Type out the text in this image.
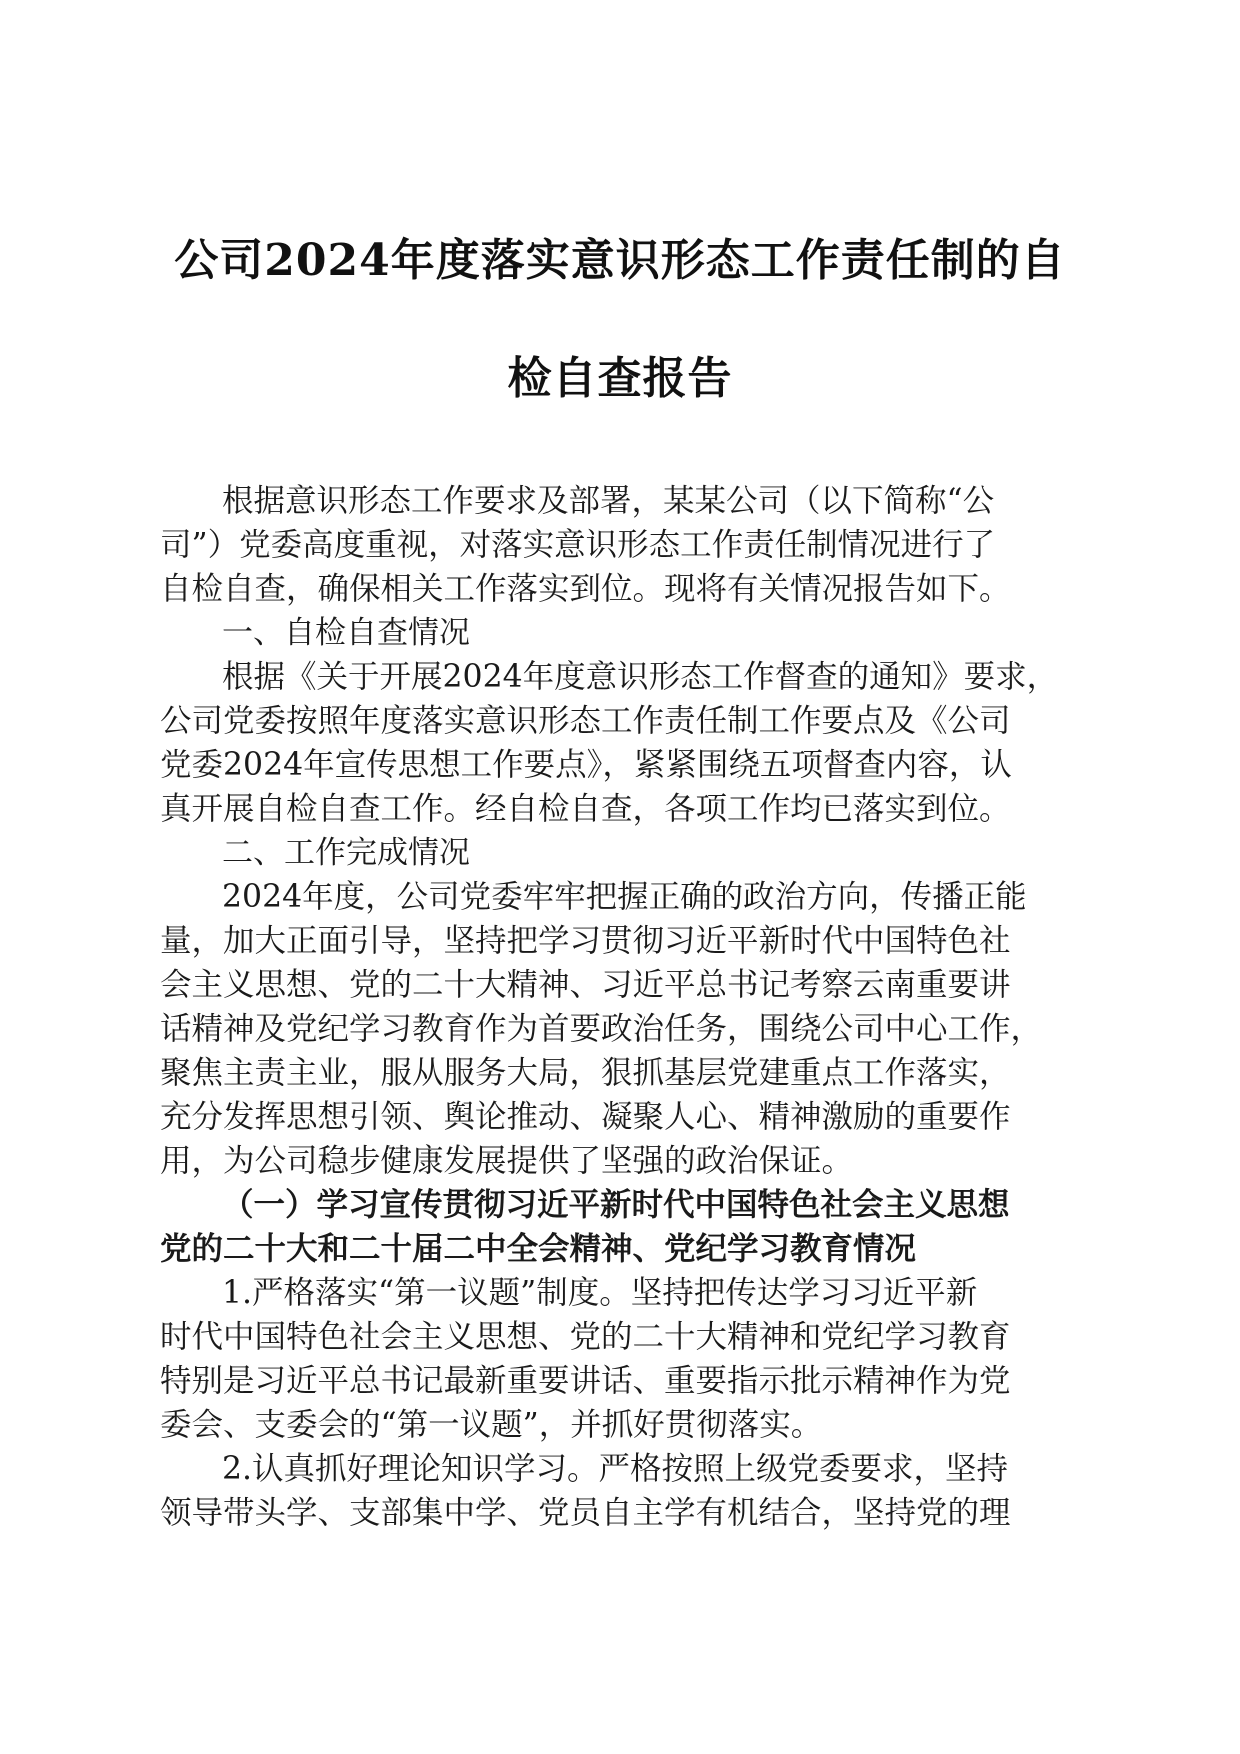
公司2024年度落实意识形态工作责任制的自
检自查报告

根据意识形态工作要求及部署，某某公司（以下简称“公

司”）党委高度重视，对落实意识形态工作责任制情况进行了

自检自查，确保相关工作落实到位。现将有关情况报告如下。

一、自检自查情况

根据《关于开展2024年度意识形态工作督查的通知》要求，

公司党委按照年度落实意识形态工作责任制工作要点及《公司

党委2024年宣传思想工作要点》，紧紧围绕五项督查内容，认

真开展自检自查工作。经自检自查，各项工作均已落实到位。

二、工作完成情况

2024年度，公司党委牢牢把握正确的政治方向，传播正能

量，加大正面引导，坚持把学习贯彻习近平新时代中国特色社

会主义思想、党的二十大精神、习近平总书记考察云南重要讲

话精神及党纪学习教育作为首要政治任务，围绕公司中心工作，

聚焦主责主业，服从服务大局，狠抓基层党建重点工作落实，

充分发挥思想引领、舆论推动、凝聚人心、精神激励的重要作

用，为公司稳步健康发展提供了坚强的政治保证。

（一）学习宣传贯彻习近平新时代中国特色社会主义思想

党的二十大和二十届二中全会精神、党纪学习教育情况

1.严格落实“第一议题”制度。坚持把传达学习习近平新

时代中国特色社会主义思想、党的二十大精神和党纪学习教育

特别是习近平总书记最新重要讲话、重要指示批示精神作为党

委会、支委会的“第一议题”，并抓好贯彻落实。

2.认真抓好理论知识学习。严格按照上级党委要求，坚持

领导带头学、支部集中学、党员自主学有机结合，坚持党的理
